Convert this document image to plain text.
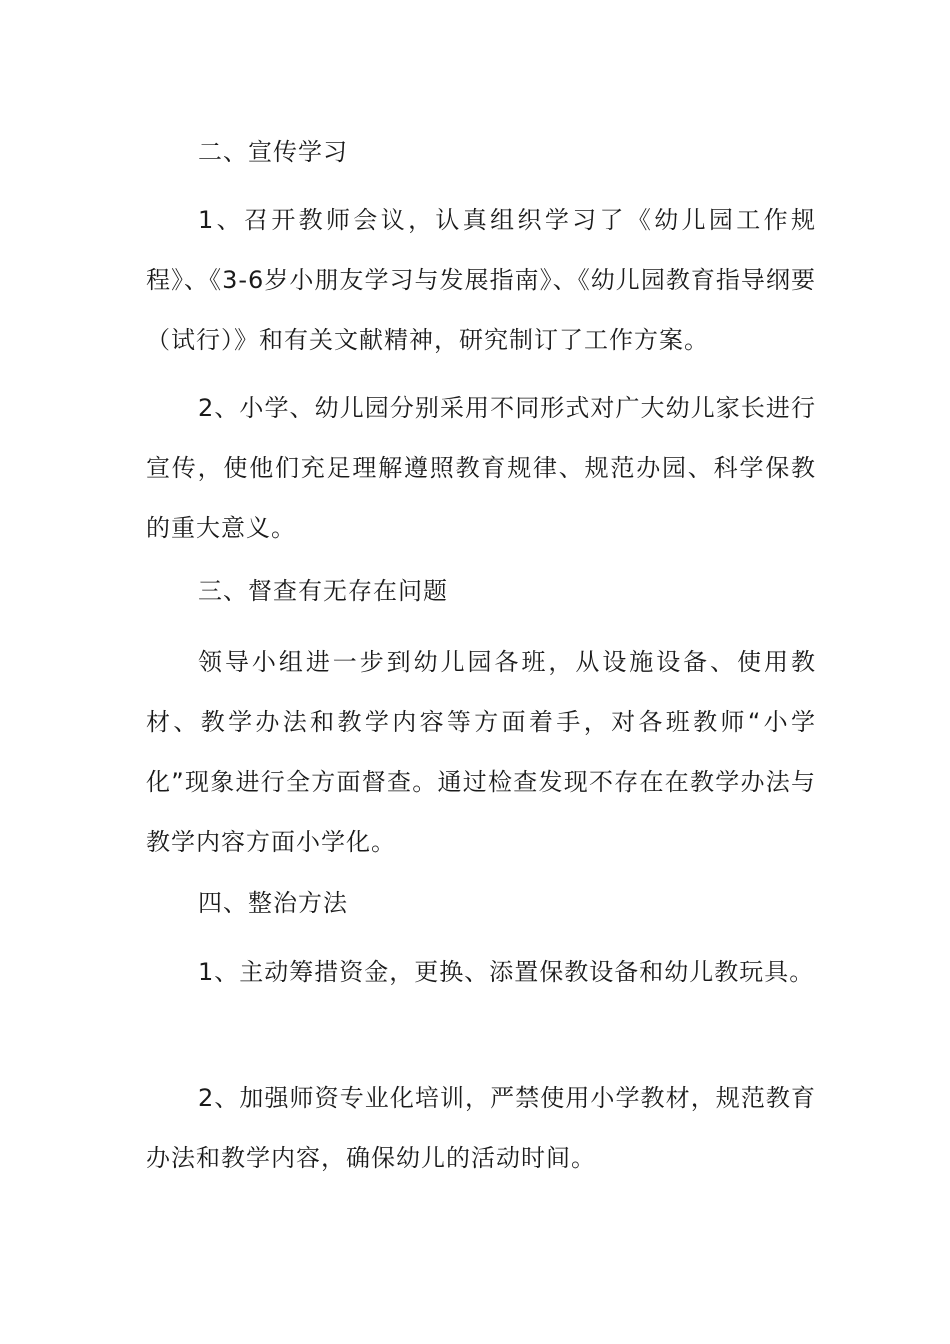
二、宣传学习

1、召开教师会议，认真组织学习了《幼儿园工作规程》、《3-6岁小朋友学习与发展指南》、《幼儿园教育指导纲要（试行）》和有关文献精神，研究制订了工作方案。

2、小学、幼儿园分别采用不同形式对广大幼儿家长进行宣传，使他们充足理解遵照教育规律、规范办园、科学保教的重大意义。

三、督查有无存在问题

领导小组进一步到幼儿园各班，从设施设备、使用教材、教学办法和教学内容等方面着手，对各班教师“小学化”现象进行全方面督查。通过检查发现不存在在教学办法与教学内容方面小学化。

四、整治方法

1、主动筹措资金，更换、添置保教设备和幼儿教玩具。

2、加强师资专业化培训，严禁使用小学教材，规范教育办法和教学内容，确保幼儿的活动时间。
